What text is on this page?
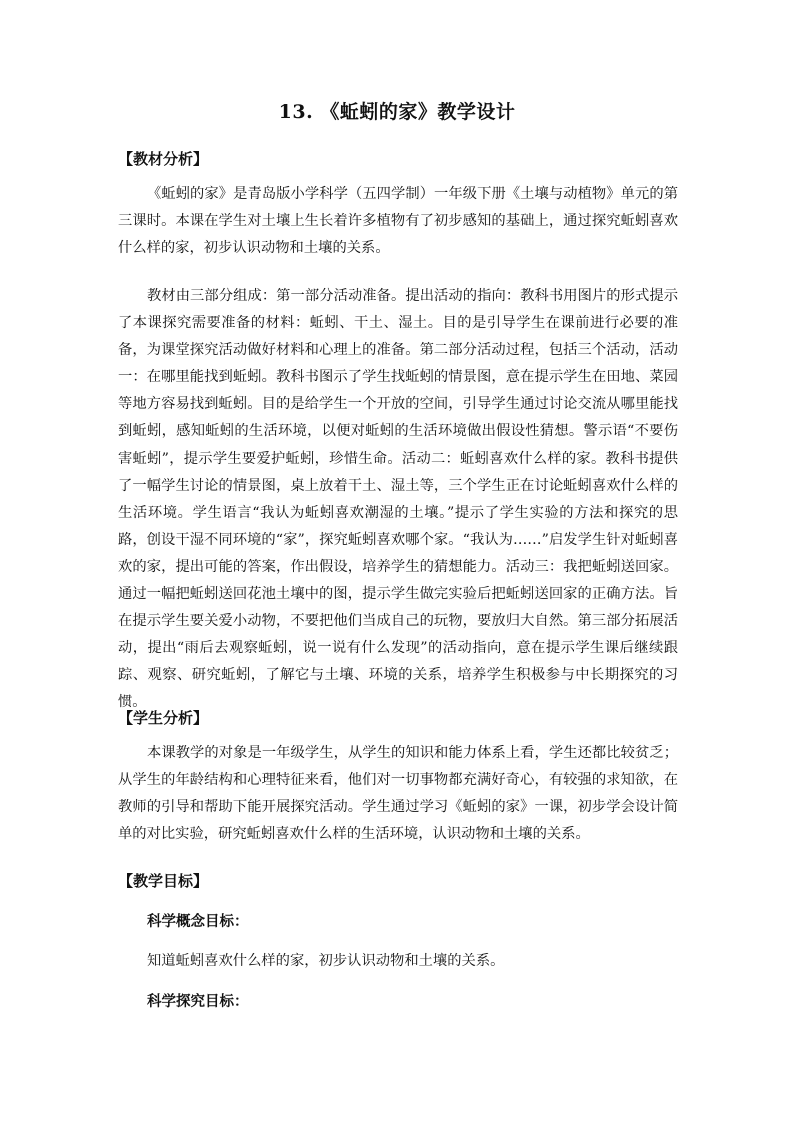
13. 《蚯蚓的家》教学设计
【教材分析】

《蚯蚓的家》是青岛版小学科学（五四学制）一年级下册《土壤与动植物》单元的第三课时。本课在学生对土壤上生长着许多植物有了初步感知的基础上，通过探究蚯蚓喜欢什么样的家，初步认识动物和土壤的关系。

教材由三部分组成：第一部分活动准备。提出活动的指向：教科书用图片的形式提示了本课探究需要准备的材料：蚯蚓、干土、湿土。目的是引导学生在课前进行必要的准备，为课堂探究活动做好材料和心理上的准备。第二部分活动过程，包括三个活动，活动一：在哪里能找到蚯蚓。教科书图示了学生找蚯蚓的情景图，意在提示学生在田地、菜园等地方容易找到蚯蚓。目的是给学生一个开放的空间，引导学生通过讨论交流从哪里能找到蚯蚓，感知蚯蚓的生活环境，以便对蚯蚓的生活环境做出假设性猜想。警示语“不要伤害蚯蚓”，提示学生要爱护蚯蚓，珍惜生命。活动二：蚯蚓喜欢什么样的家。教科书提供了一幅学生讨论的情景图，桌上放着干土、湿土等，三个学生正在讨论蚯蚓喜欢什么样的生活环境。学生语言“我认为蚯蚓喜欢潮湿的土壤。”提示了学生实验的方法和探究的思路，创设干湿不同环境的“家”，探究蚯蚓喜欢哪个家。“我认为……”启发学生针对蚯蚓喜欢的家，提出可能的答案，作出假设，培养学生的猜想能力。活动三：我把蚯蚓送回家。通过一幅把蚯蚓送回花池土壤中的图，提示学生做完实验后把蚯蚓送回家的正确方法。旨在提示学生要关爱小动物，不要把他们当成自己的玩物，要放归大自然。第三部分拓展活动，提出“雨后去观察蚯蚓，说一说有什么发现”的活动指向，意在提示学生课后继续跟踪、观察、研究蚯蚓，了解它与土壤、环境的关系，培养学生积极参与中长期探究的习惯。

【学生分析】

本课教学的对象是一年级学生，从学生的知识和能力体系上看，学生还都比较贫乏；从学生的年龄结构和心理特征来看，他们对一切事物都充满好奇心，有较强的求知欲，在教师的引导和帮助下能开展探究活动。学生通过学习《蚯蚓的家》一课，初步学会设计简单的对比实验，研究蚯蚓喜欢什么样的生活环境，认识动物和土壤的关系。

【教学目标】
科学概念目标：
知道蚯蚓喜欢什么样的家，初步认识动物和土壤的关系。
科学探究目标：
